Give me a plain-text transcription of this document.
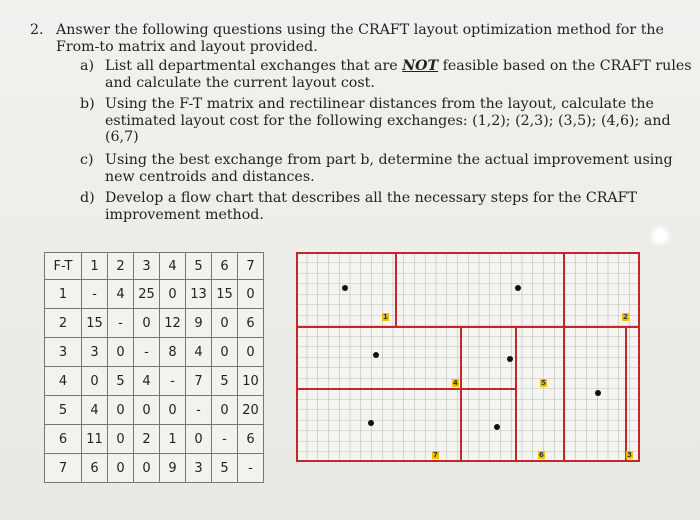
2. Answer the following questions using the CRAFT layout optimization method for the
From-to matrix and layout provided.
a) List all departmental exchanges that are NOT feasible based on the CRAFT rules
and calculate the current layout cost.
b) Using the F-T matrix and rectilinear distances from the layout, calculate the
estimated layout cost for the following exchanges: (1,2); (2,3); (3,5); (4,6); and
(6,7)
c) Using the best exchange from part b, determine the actual improvement using
new centroids and distances.
d) Develop a flow chart that describes all the necessary steps for the CRAFT
improvement method.
F-T	1	2	3	4	5	6	7
1	-	4	25	0	13	15	0
2	15	-	0	12	9	0	6
3	3	0	-	8	4	0	0
4	0	5	4	-	7	5	10
5	4	0	0	0	-	0	20
6	11	0	2	1	0	-	6
7	6	0	0	9	3	5	-
1	2
4	5
7	6	3
